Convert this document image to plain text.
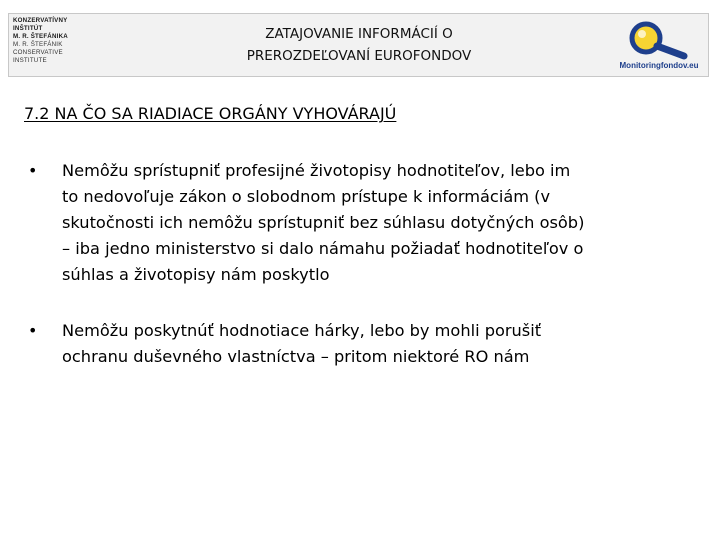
KONZERVATÍVNY
INŠTITÚT
M. R. ŠTEFÁNIKA
M. R. ŠTEFÁNIK
CONSERVATIVE
INSTITUTE
ZATAJOVANIE INFORMÁCIÍ O
PREROZDEĽOVANÍ EUROFONDOV
Monitoringfondov.eu
7.2 NA ČO SA RIADIACE ORGÁNY VYHOVÁRAJÚ
• Nemôžu sprístupniť profesijné životopisy hodnotiteľov, lebo im
to nedovoľuje zákon o slobodnom prístupe k informáciám (v
skutočnosti ich nemôžu sprístupniť bez súhlasu dotyčných osôb)
– iba jedno ministerstvo si dalo námahu požiadať hodnotiteľov o
súhlas a životopisy nám poskytlo
• Nemôžu poskytnúť hodnotiace hárky, lebo by mohli porušiť
ochranu duševného vlastníctva – pritom niektoré RO nám
